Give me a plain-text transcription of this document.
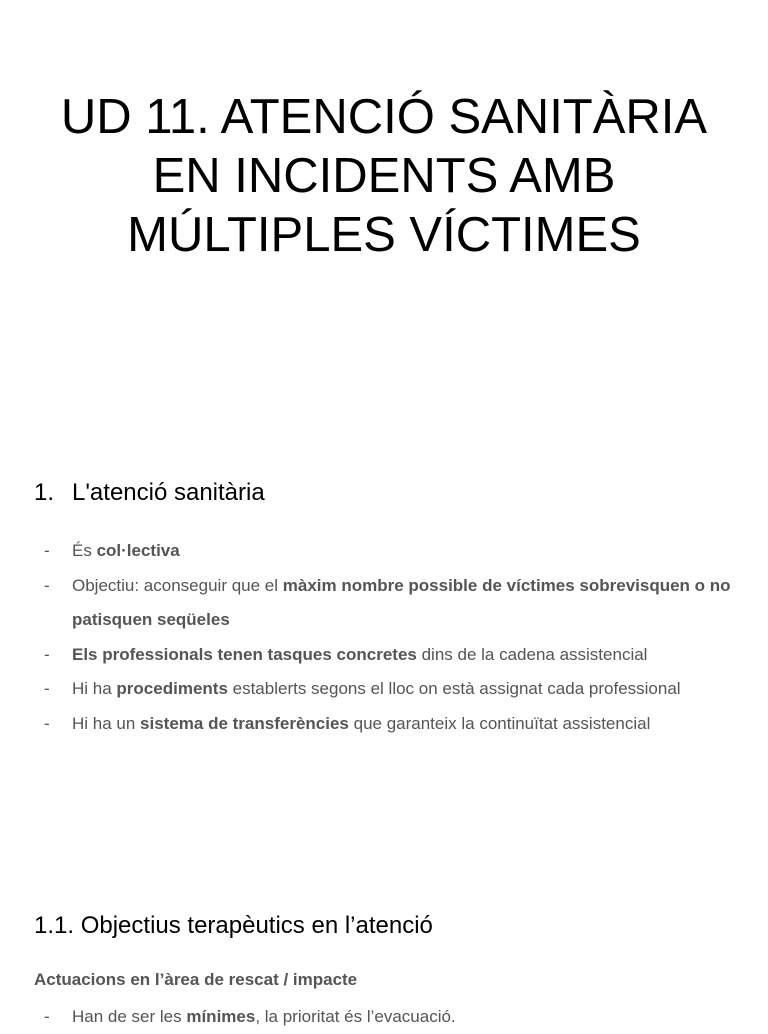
UD 11. ATENCIÓ SANITÀRIA
EN INCIDENTS AMB
MÚLTIPLES VÍCTIMES
1. L'atenció sanitària
- És col·lectiva
- Objectiu: aconseguir que el màxim nombre possible de víctimes sobrevisquen o no patisquen seqüeles
- Els professionals tenen tasques concretes dins de la cadena assistencial
- Hi ha procediments establerts segons el lloc on està assignat cada professional
- Hi ha un sistema de transferències que garanteix la continuïtat assistencial
1.1. Objectius terapèutics en l’atenció

Actuacions en l’àrea de rescat / impacte

- Han de ser les mínimes, la prioritat és l’evacuació.
